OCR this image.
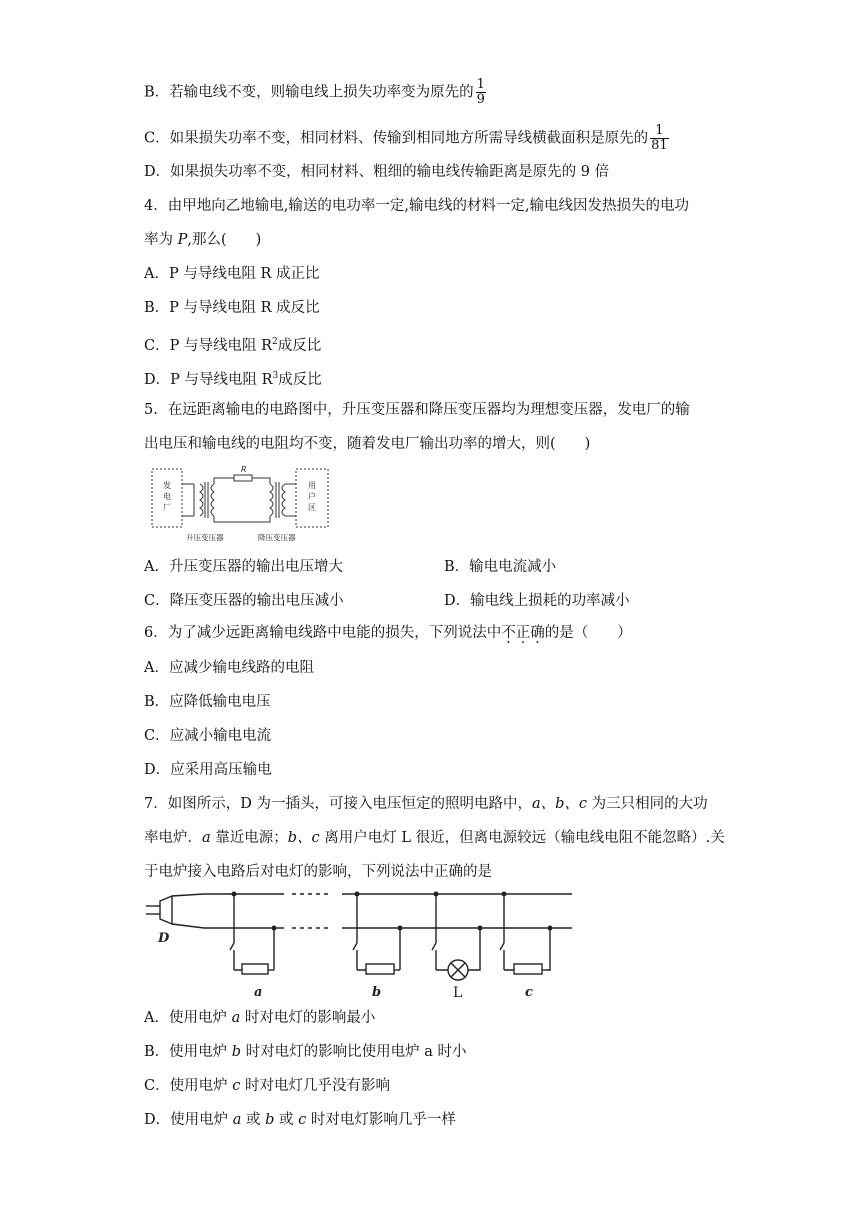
B．若输电线不变，则输电线上损失功率变为原先的 $\frac{1}{9}$
C．如果损失功率不变，相同材料、传输到相同地方所需导线横截面积是原先的 $\frac{1}{81}$
D．如果损失功率不变，相同材料、粗细的输电线传输距离是原先的 9 倍
4．由甲地向乙地输电,输送的电功率一定,输电线的材料一定,输电线因发热损失的电功
率为 P,那么(　　)
A．P 与导线电阻 R 成正比
B．P 与导线电阻 R 成反比
C．P 与导线电阻 $R^2$成反比
D．P 与导线电阻 $R^3$成反比
5．在远距离输电的电路图中，升压变压器和降压变压器均为理想变压器，发电厂的输
出电压和输电线的电阻均不变，随着发电厂输出功率的增大，则(　　)
发
电
厂
用
户
区
R
升压变压器	降压变压器
A．升压变压器的输出电压增大	B．输电电流减小
C．降压变压器的输出电压减小	D．输电线上损耗的功率减小
6．为了减少远距离输电线路中电能的损失，下列说法中不正确的是（　　）
A．应减少输电线路的电阻
B．应降低输电电压
C．应减小输电电流
D．应采用高压输电
7．如图所示，D 为一插头，可接入电压恒定的照明电路中，a、b、c 为三只相同的大功
率电炉．a 靠近电源；b、c 离用户电灯 L 很近，但离电源较远（输电线电阻不能忽略）.关
于电炉接入电路后对电灯的影响，下列说法中正确的是
D
a	b	c
L
A．使用电炉 a 时对电灯的影响最小
B．使用电炉 b 时对电灯的影响比使用电炉 a 时小
C．使用电炉 c 时对电灯几乎没有影响
D．使用电炉 a 或 b 或 c 时对电灯影响几乎一样
